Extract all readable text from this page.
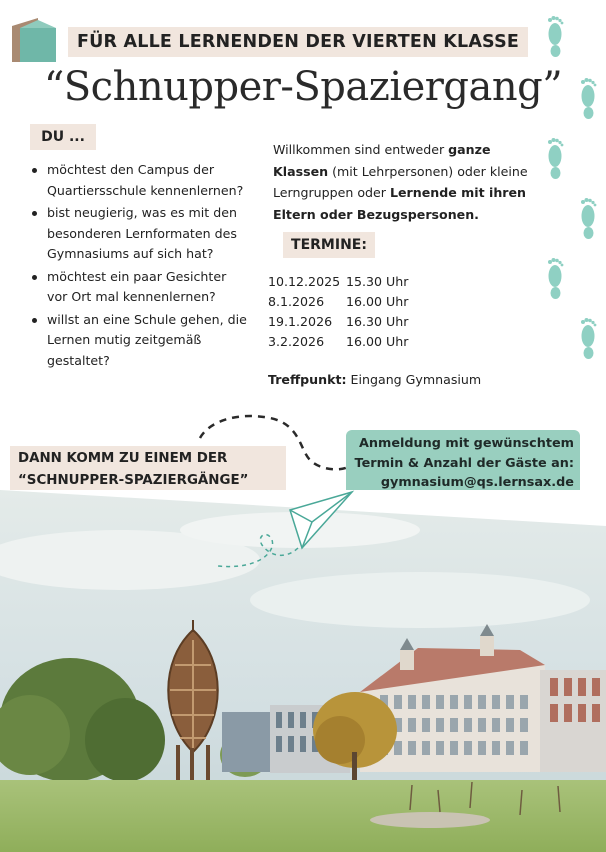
FÜR ALLE LERNENDEN DER VIERTEN KLASSE
“Schnupper-Spaziergang”
DU ...
möchtest den Campus der Quartiersschule kennenlernen?
bist neugierig, was es mit den besonderen Lernformaten des Gymnasiums auf sich hat?
möchtest ein paar Gesichter vor Ort mal kennenlernen?
willst an eine Schule gehen, die Lernen mutig zeitgemäß gestaltet?
Willkommen sind entweder ganze Klassen (mit Lehrpersonen) oder kleine Lerngruppen oder Lernende mit ihren Eltern oder Bezugspersonen.
TERMINE:
10.12.2025 15.30 Uhr
8.1.2026	16.00 Uhr
19.1.2026	16.30 Uhr
3.2.2026	16.00 Uhr
Treffpunkt: Eingang Gymnasium
DANN KOMM ZU EINEM DER
“SCHNUPPER-SPAZIERGÄNGE”
Anmeldung mit gewünschtem
Termin & Anzahl der Gäste an:
gymnasium@qs.lernsax.de
